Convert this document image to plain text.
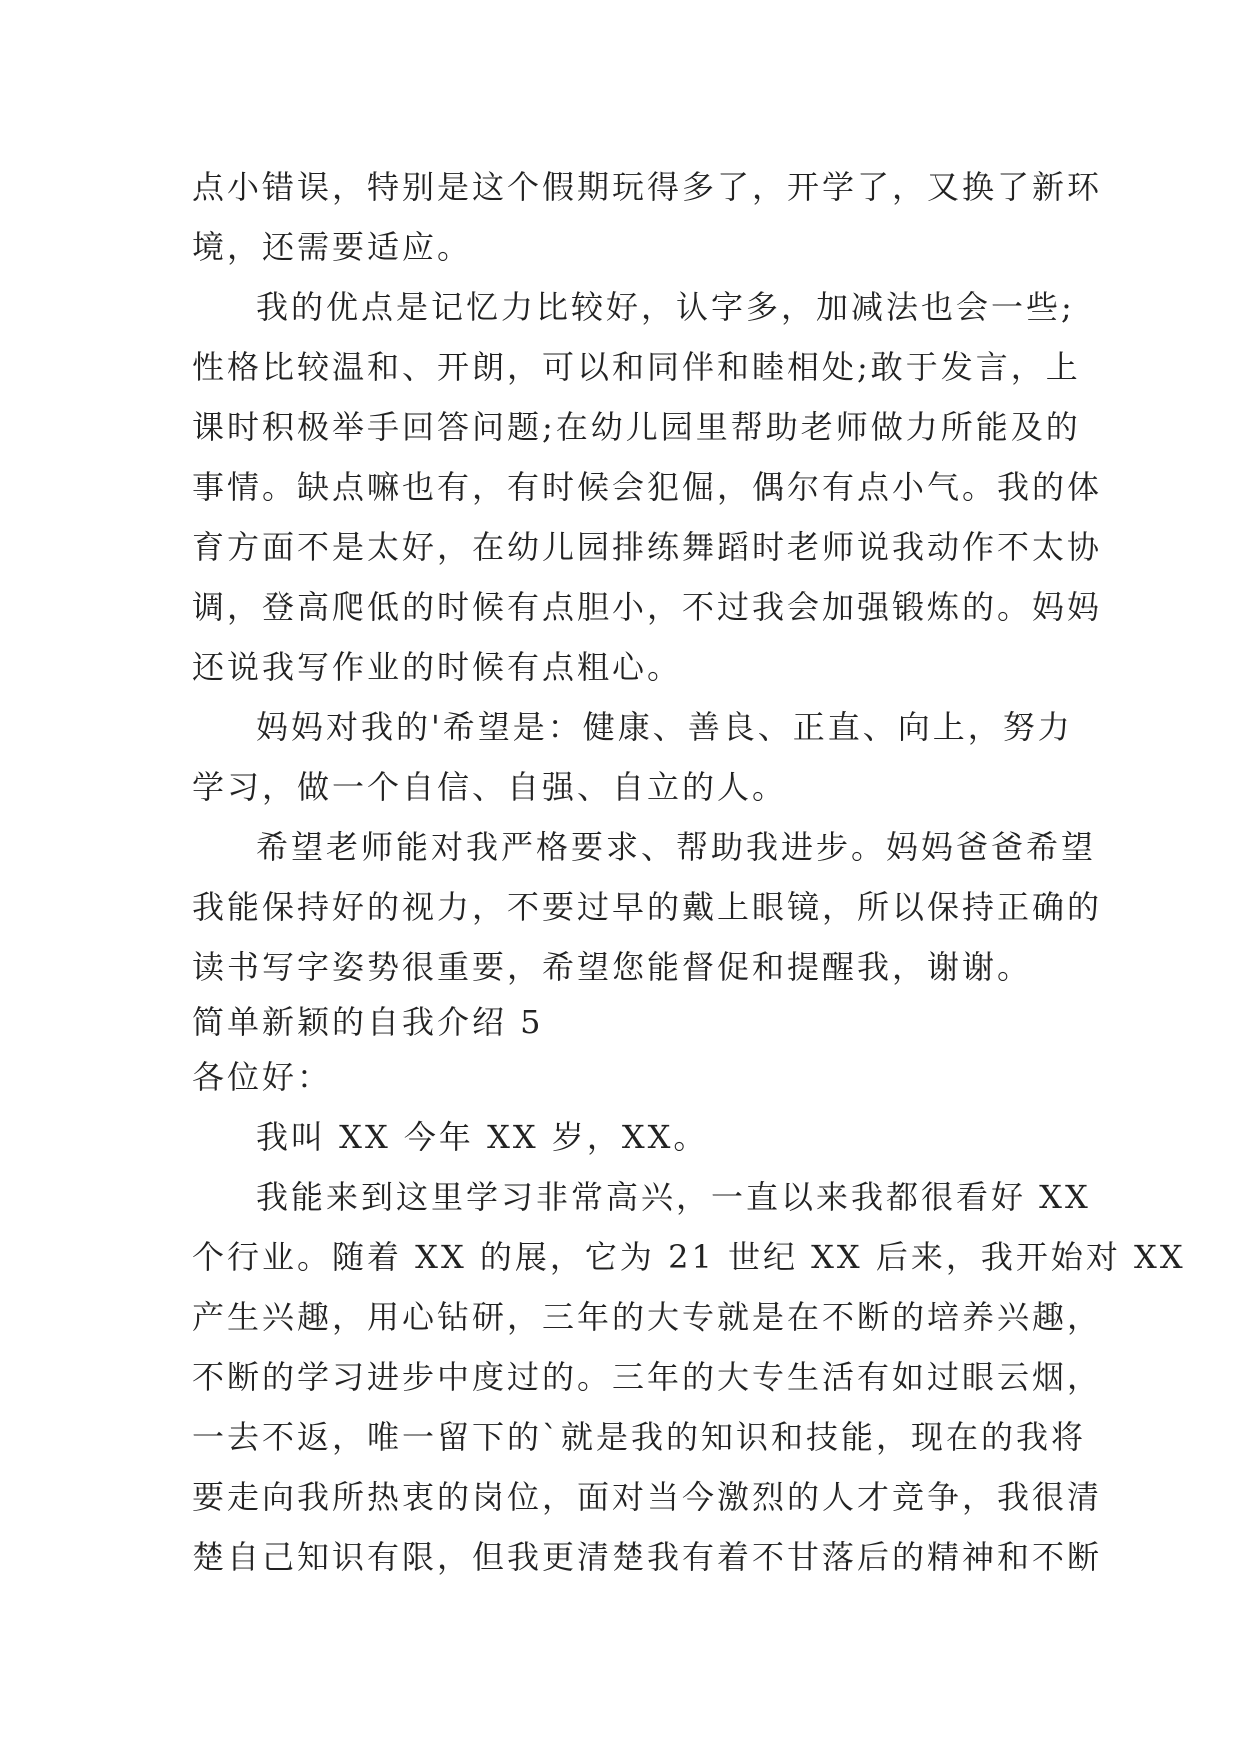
点小错误，特别是这个假期玩得多了，开学了，又换了新环
境，还需要适应。
我的优点是记忆力比较好，认字多，加减法也会一些;
性格比较温和、开朗，可以和同伴和睦相处;敢于发言，上
课时积极举手回答问题;在幼儿园里帮助老师做力所能及的
事情。缺点嘛也有，有时候会犯倔，偶尔有点小气。我的体
育方面不是太好，在幼儿园排练舞蹈时老师说我动作不太协
调，登高爬低的时候有点胆小，不过我会加强锻炼的。妈妈
还说我写作业的时候有点粗心。
妈妈对我的'希望是：健康、善良、正直、向上，努力
学习，做一个自信、自强、自立的人。
希望老师能对我严格要求、帮助我进步。妈妈爸爸希望
我能保持好的视力，不要过早的戴上眼镜，所以保持正确的
读书写字姿势很重要，希望您能督促和提醒我，谢谢。
简单新颖的自我介绍 5
各位好：
我叫 XX 今年 XX 岁，XX。
我能来到这里学习非常高兴，一直以来我都很看好 XX
个行业。随着 XX 的展，它为 21 世纪 XX 后来，我开始对 XX
产生兴趣，用心钻研，三年的大专就是在不断的培养兴趣，
不断的学习进步中度过的。三年的大专生活有如过眼云烟，
一去不返，唯一留下的`就是我的知识和技能，现在的我将
要走向我所热衷的岗位，面对当今激烈的人才竞争，我很清
楚自己知识有限，但我更清楚我有着不甘落后的精神和不断
